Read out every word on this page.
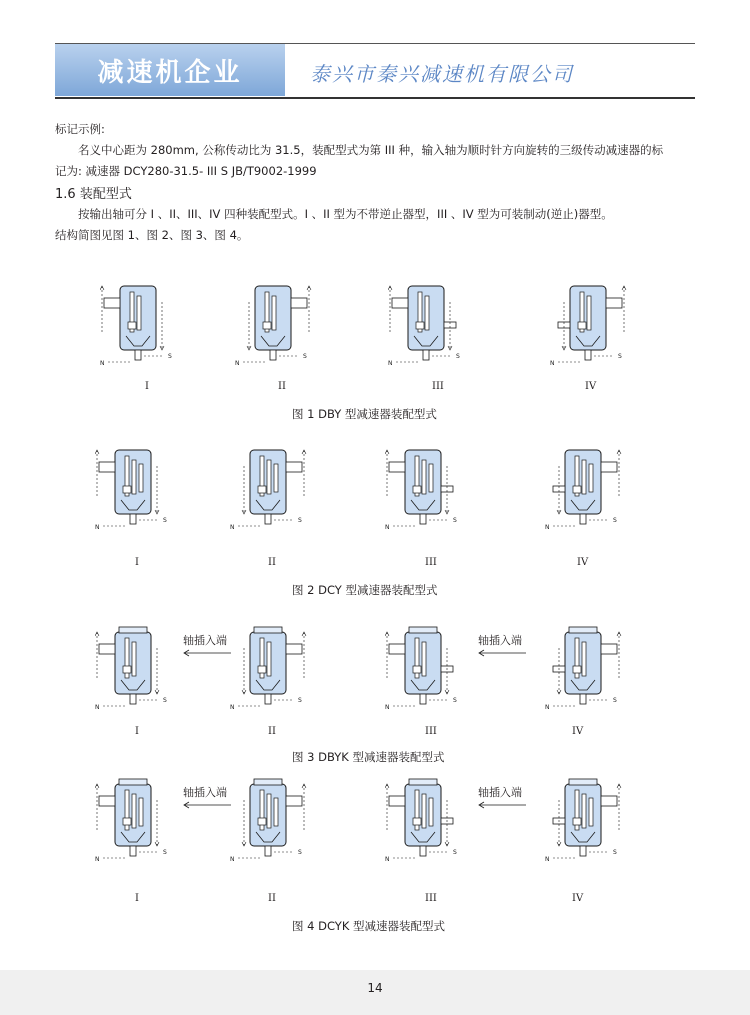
减速机企业	泰兴市秦兴减速机有限公司
标记示例:
名义中心距为 280mm, 公称传动比为 31.5，装配型式为第 III 种，输入轴为顺时针方向旋转的三级传动减速器的标
记为: 减速器 DCY280-31.5- III S JB/T9002-1999
1.6 装配型式
按输出轴可分 I 、II、III、IV 四种装配型式。I 、II 型为不带逆止器型，III 、IV 型为可装制动(逆止)器型。
结构简图见图 1、图 2、图 3、图 4。
N
S
I
N
S
II
N
S
III
N
S
IV
图 1 DBY 型减速器装配型式
N
S
I
N
S
II
N
S
III
N
S
IV
图 2 DCY 型减速器装配型式
N
S
I
N
S
II
N
S
III
N
S
IV
图 3 DBYK 型减速器装配型式
轴插入端	轴插入端
N
S
I
N
S
II
N
S
III
N
S
IV
图 4 DCYK 型减速器装配型式
轴插入端	轴插入端
14
